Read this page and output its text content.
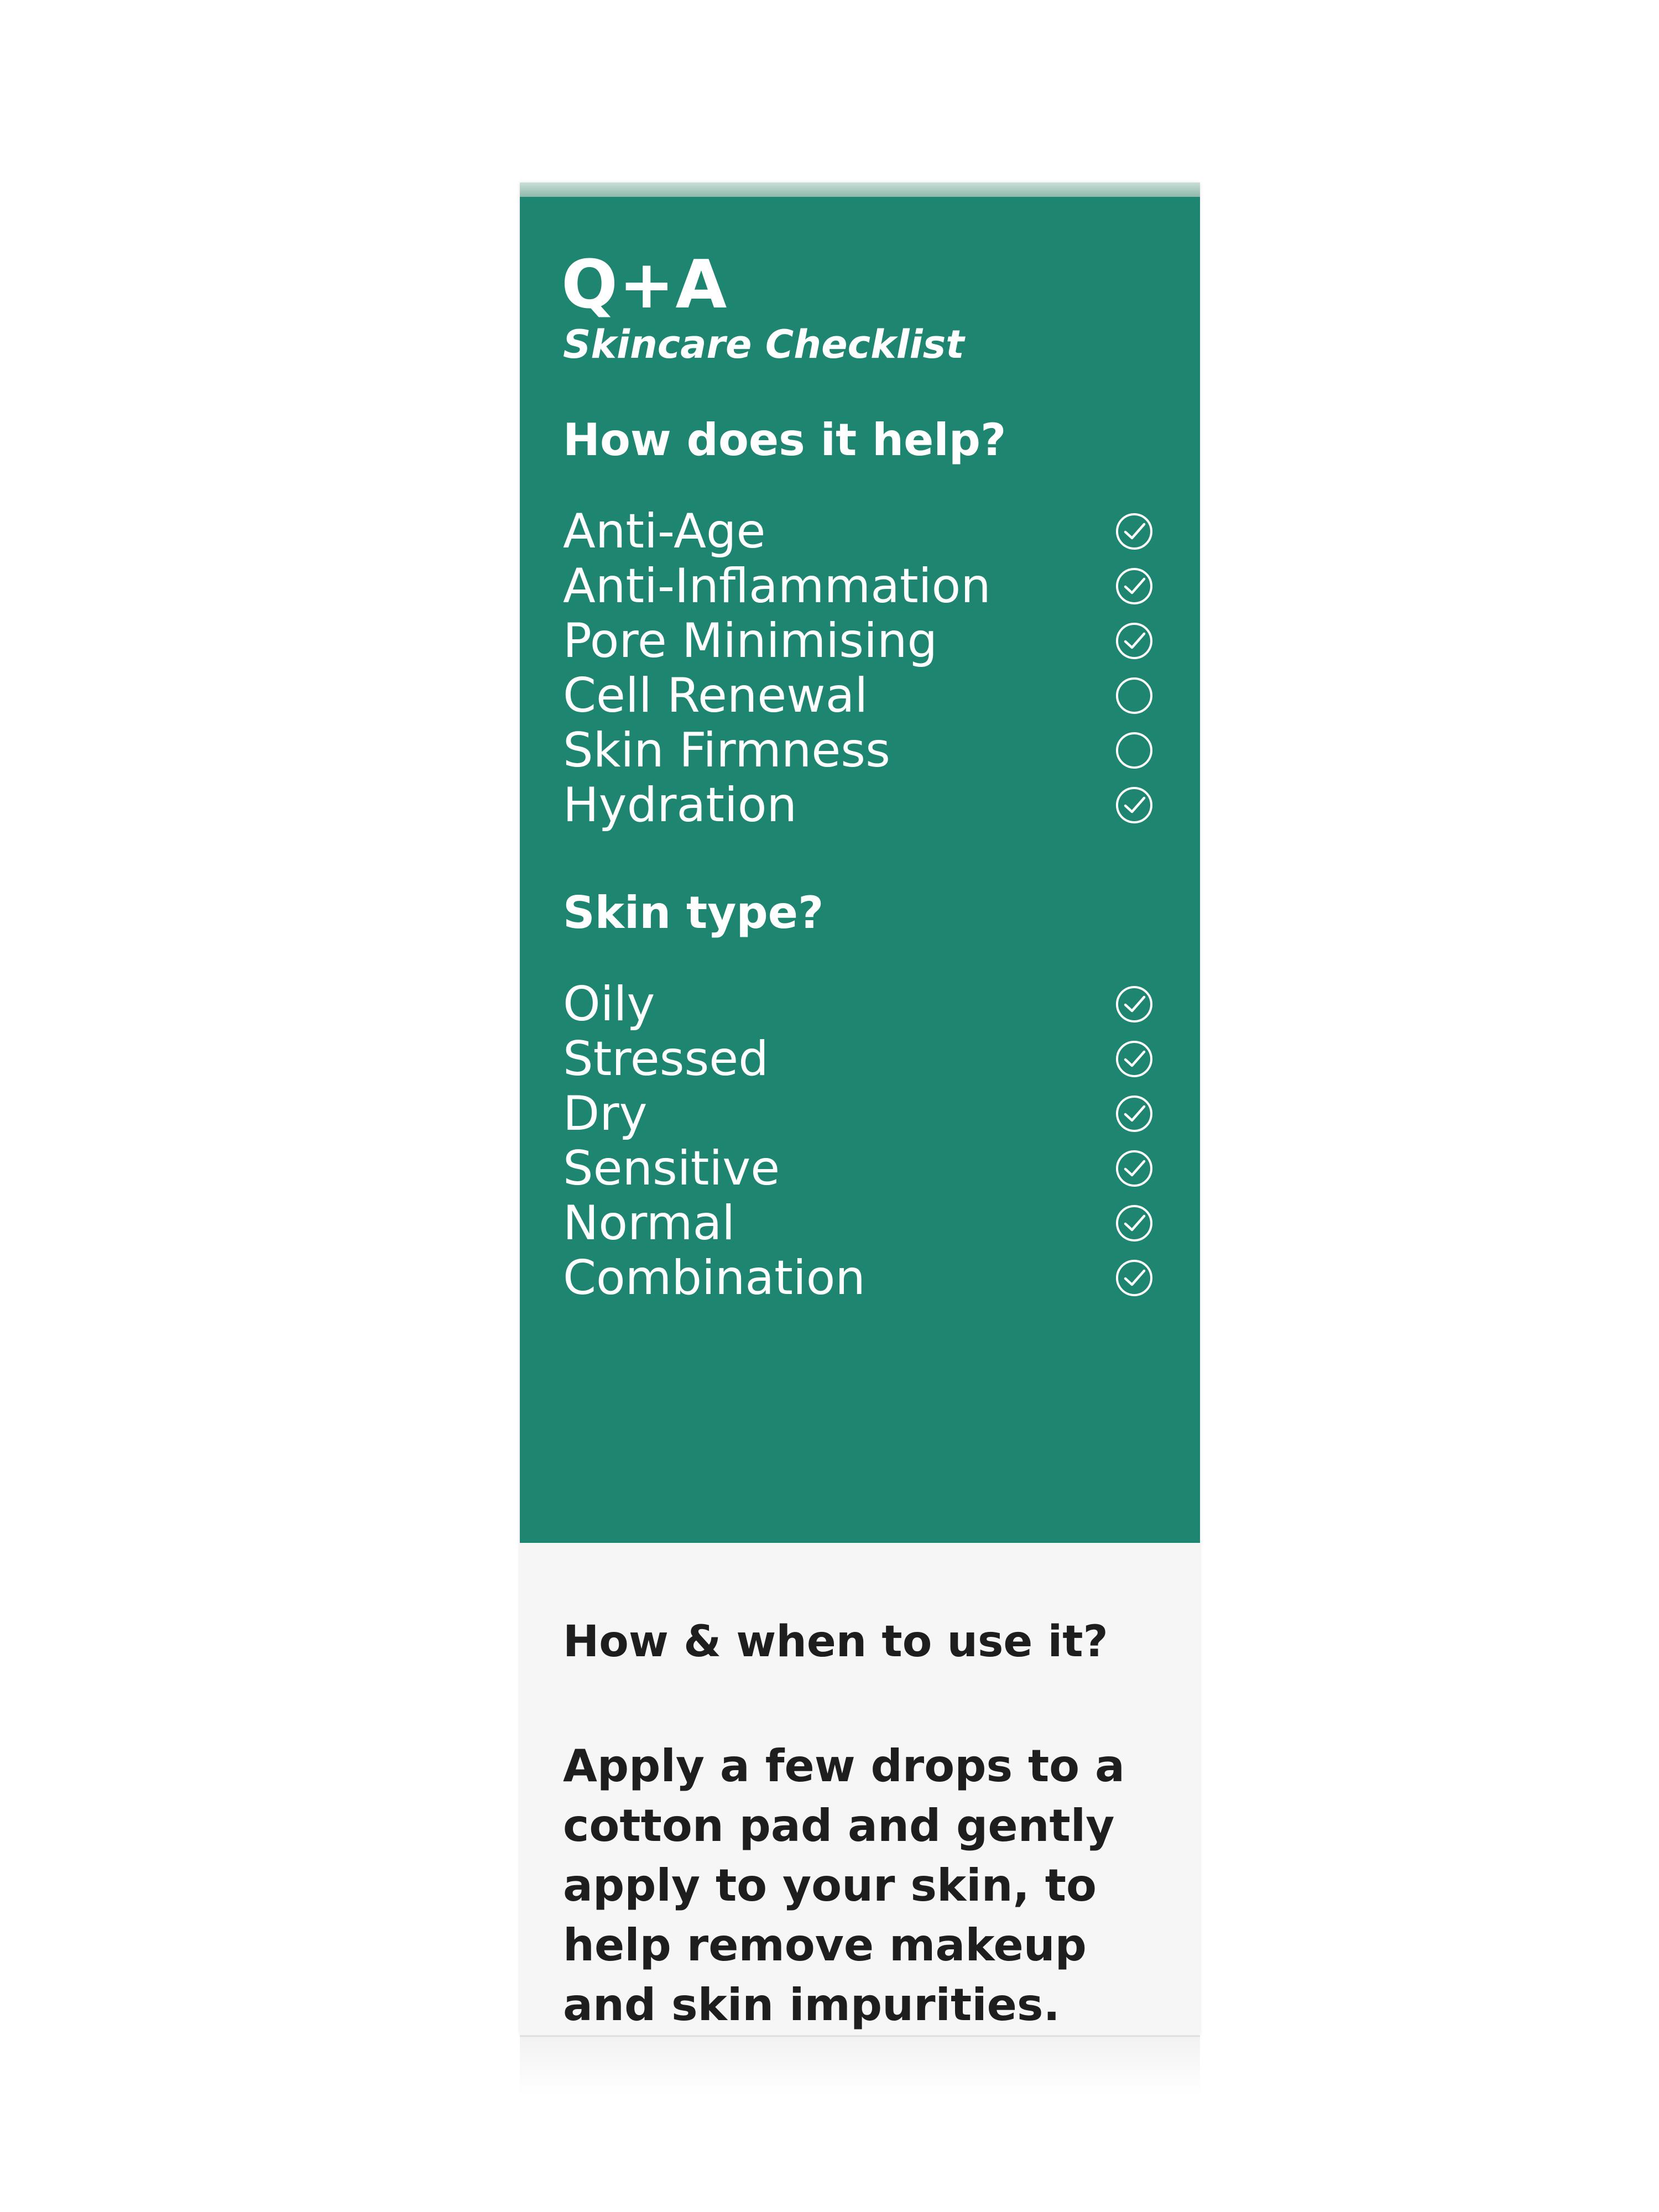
Q+A
Skincare Checklist
How does it help?
Anti-Age
Anti-Inflammation
Pore Minimising
Cell Renewal
Skin Firmness
Hydration
Skin type?
Oily
Stressed
Dry
Sensitive
Normal
Combination
How & when to use it?

Apply a few drops to a cotton pad and gently apply to your skin, to help remove makeup and skin impurities.
